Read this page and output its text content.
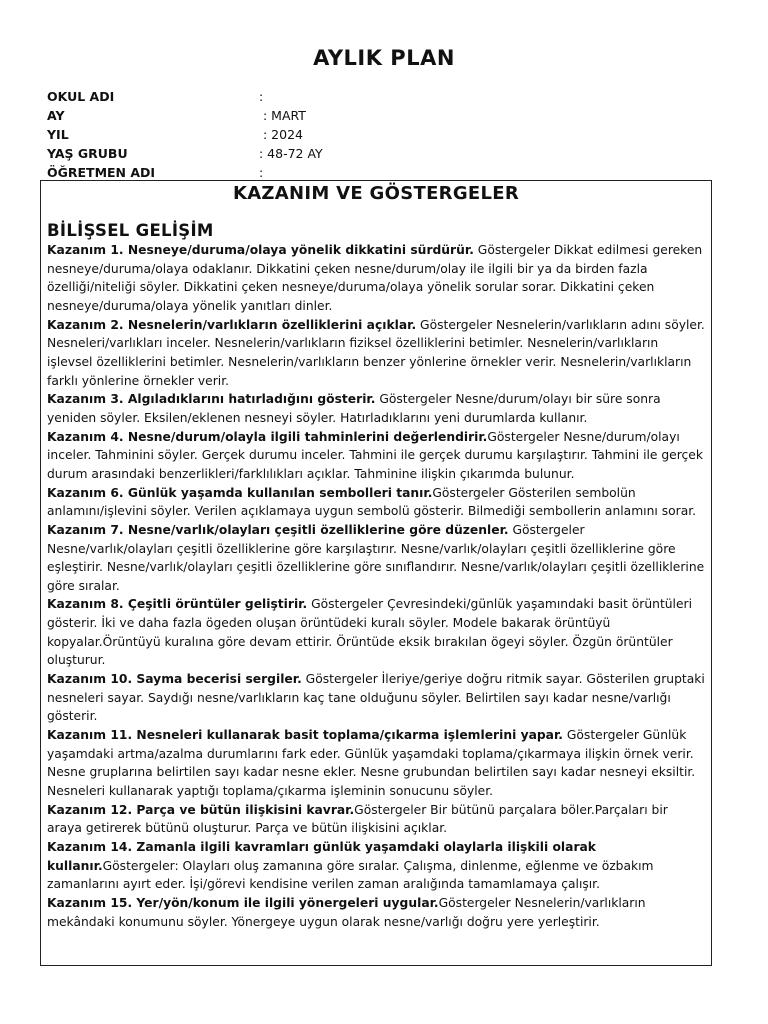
AYLIK PLAN
OKUL ADI	:
AY	: MART
YIL	: 2024
YAŞ GRUBU	: 48-72 AY
ÖĞRETMEN ADI	:
KAZANIM VE GÖSTERGELER
BİLİŞSEL GELİŞİM

Kazanım 1. Nesneye/duruma/olaya yönelik dikkatini sürdürür. Göstergeler Dikkat edilmesi gereken nesneye/duruma/olaya odaklanır. Dikkatini çeken nesne/durum/olay ile ilgili bir ya da birden fazla özelliği/niteliği söyler. Dikkatini çeken nesneye/duruma/olaya yönelik sorular sorar. Dikkatini çeken nesneye/duruma/olaya yönelik yanıtları dinler.

Kazanım 2. Nesnelerin/varlıkların özelliklerini açıklar. Göstergeler Nesnelerin/varlıkların adını söyler. Nesneleri/varlıkları inceler. Nesnelerin/varlıkların fiziksel özelliklerini betimler. Nesnelerin/varlıkların işlevsel özelliklerini betimler. Nesnelerin/varlıkların benzer yönlerine örnekler verir. Nesnelerin/varlıkların farklı yönlerine örnekler verir.

Kazanım 3. Algıladıklarını hatırladığını gösterir. Göstergeler Nesne/durum/olayı bir süre sonra yeniden söyler. Eksilen/eklenen nesneyi söyler. Hatırladıklarını yeni durumlarda kullanır.

Kazanım 4. Nesne/durum/olayla ilgili tahminlerini değerlendirir.Göstergeler Nesne/durum/olayı inceler. Tahminini söyler. Gerçek durumu inceler. Tahmini ile gerçek durumu karşılaştırır. Tahmini ile gerçek durum arasındaki benzerlikleri/farklılıkları açıklar. Tahminine ilişkin çıkarımda bulunur.

Kazanım 6. Günlük yaşamda kullanılan sembolleri tanır.Göstergeler Gösterilen sembolün anlamını/işlevini söyler. Verilen açıklamaya uygun sembolü gösterir. Bilmediği sembollerin anlamını sorar.

Kazanım 7. Nesne/varlık/olayları çeşitli özelliklerine göre düzenler. Göstergeler Nesne/varlık/olayları çeşitli özelliklerine göre karşılaştırır. Nesne/varlık/olayları çeşitli özelliklerine göre eşleştirir. Nesne/varlık/olayları çeşitli özelliklerine göre sınıflandırır. Nesne/varlık/olayları çeşitli özelliklerine göre sıralar.

Kazanım 8. Çeşitli örüntüler geliştirir. Göstergeler Çevresindeki/günlük yaşamındaki basit örüntüleri gösterir. İki ve daha fazla ögeden oluşan örüntüdeki kuralı söyler. Modele bakarak örüntüyü kopyalar.Örüntüyü kuralına göre devam ettirir. Örüntüde eksik bırakılan ögeyi söyler. Özgün örüntüler oluşturur.

Kazanım 10. Sayma becerisi sergiler. Göstergeler İleriye/geriye doğru ritmik sayar. Gösterilen gruptaki nesneleri sayar. Saydığı nesne/varlıkların kaç tane olduğunu söyler. Belirtilen sayı kadar nesne/varlığı gösterir.

Kazanım 11. Nesneleri kullanarak basit toplama/çıkarma işlemlerini yapar. Göstergeler Günlük yaşamdaki artma/azalma durumlarını fark eder. Günlük yaşamdaki toplama/çıkarmaya ilişkin örnek verir. Nesne gruplarına belirtilen sayı kadar nesne ekler. Nesne grubundan belirtilen sayı kadar nesneyi eksiltir. Nesneleri kullanarak yaptığı toplama/çıkarma işleminin sonucunu söyler.

Kazanım 12. Parça ve bütün ilişkisini kavrar.Göstergeler Bir bütünü parçalara böler.Parçaları bir araya getirerek bütünü oluşturur. Parça ve bütün ilişkisini açıklar.

Kazanım 14. Zamanla ilgili kavramları günlük yaşamdaki olaylarla ilişkili olarak kullanır.Göstergeler: Olayları oluş zamanına göre sıralar. Çalışma, dinlenme, eğlenme ve özbakım zamanlarını ayırt eder. İşi/görevi kendisine verilen zaman aralığında tamamlamaya çalışır.

Kazanım 15. Yer/yön/konum ile ilgili yönergeleri uygular.Göstergeler Nesnelerin/varlıkların mekândaki konumunu söyler. Yönergeye uygun olarak nesne/varlığı doğru yere yerleştirir.
